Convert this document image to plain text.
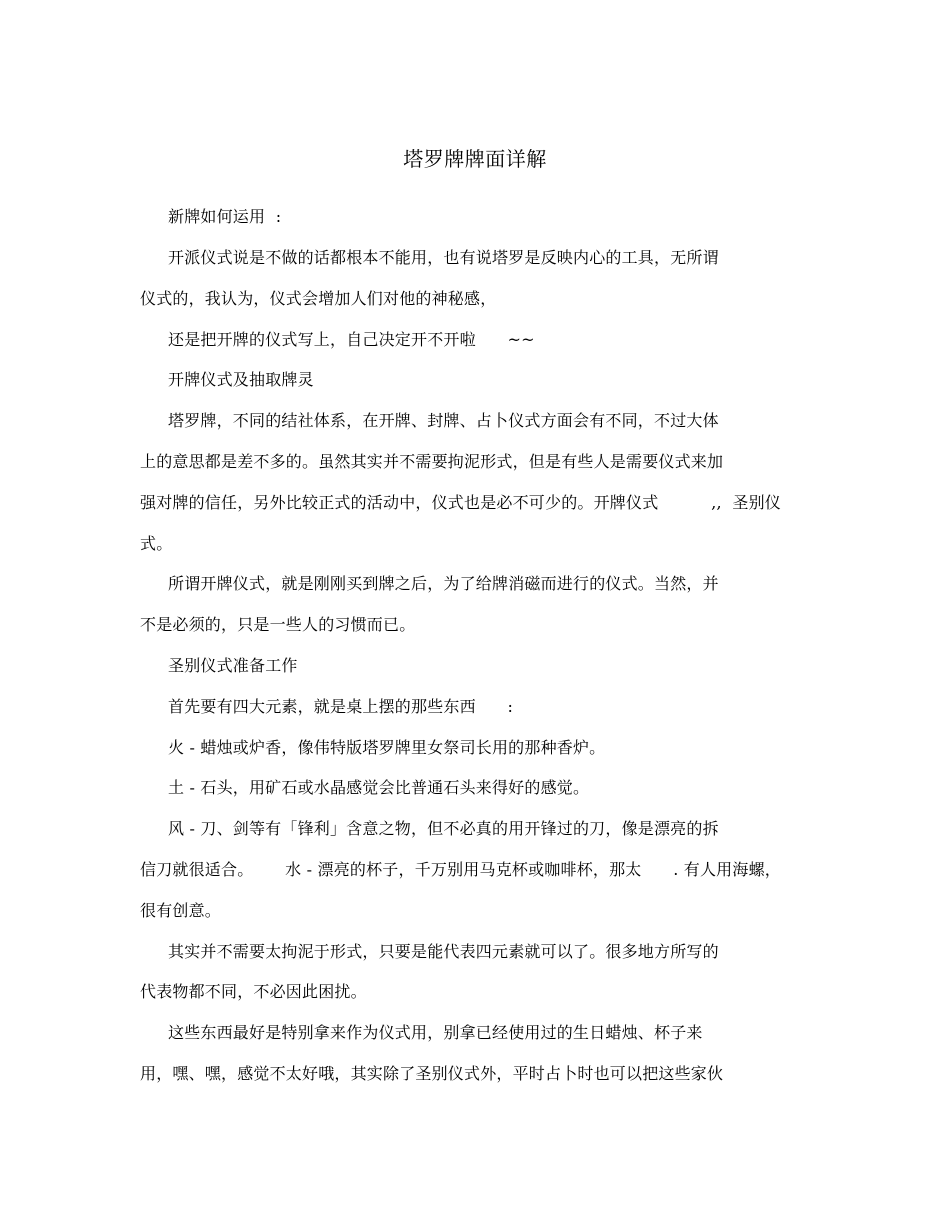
塔罗牌牌面详解
新牌如何运用  :
开派仪式说是不做的话都根本不能用，也有说塔罗是反映内心的工具，无所谓
仪式的，我认为，仪式会增加人们对他的神秘感，
还是把开牌的仪式写上，自己决定开不开啦      ~~
开牌仪式及抽取牌灵
塔罗牌，不同的结社体系，在开牌、封牌、占卜仪式方面会有不同，不过大体
上的意思都是差不多的。虽然其实并不需要拘泥形式，但是有些人是需要仪式来加
强对牌的信任，另外比较正式的活动中，仪式也是必不可少的。开牌仪式          ,,  圣别仪
式。
所谓开牌仪式，就是刚刚买到牌之后，为了给牌消磁而进行的仪式。当然，并
不是必须的，只是一些人的习惯而已。
圣别仪式准备工作
首先要有四大元素，就是桌上摆的那些东西      :
火 - 蜡烛或炉香，像伟特版塔罗牌里女祭司长用的那种香炉。
土 - 石头，用矿石或水晶感觉会比普通石头来得好的感觉。
风 - 刀、剑等有「锋利」含意之物，但不必真的用开锋过的刀，像是漂亮的拆
信刀就很适合。      水 - 漂亮的杯子，千万别用马克杯或咖啡杯，那太      . 有人用海螺，
很有创意。
其实并不需要太拘泥于形式，只要是能代表四元素就可以了。很多地方所写的
代表物都不同，不必因此困扰。
这些东西最好是特别拿来作为仪式用，别拿已经使用过的生日蜡烛、杯子来
用，嘿、嘿，感觉不太好哦，其实除了圣别仪式外，平时占卜时也可以把这些家伙
